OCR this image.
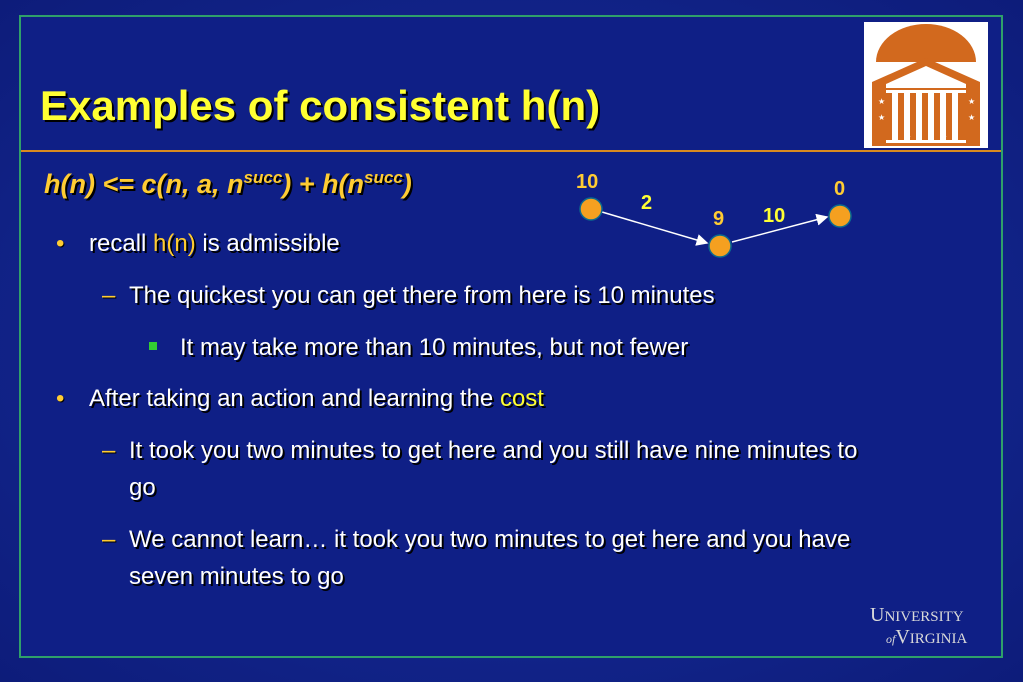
Examples of consistent h(n)	★
★
★
★
★	★
h(n) <= c(n, a, $n^{succ}) + h(n^{succ})$
• recall h(n) is admissible
– The quickest you can get there from here is 10 minutes
It may take more than 10 minutes, but not fewer
• After taking an action and learning the cost
– It took you two minutes to get here and you still have nine minutes to
go
– We cannot learn… it took you two minutes to get here and you have
seven minutes to go
10
9
0
2
10
UNIVERSITY
ofVIRGINIA
